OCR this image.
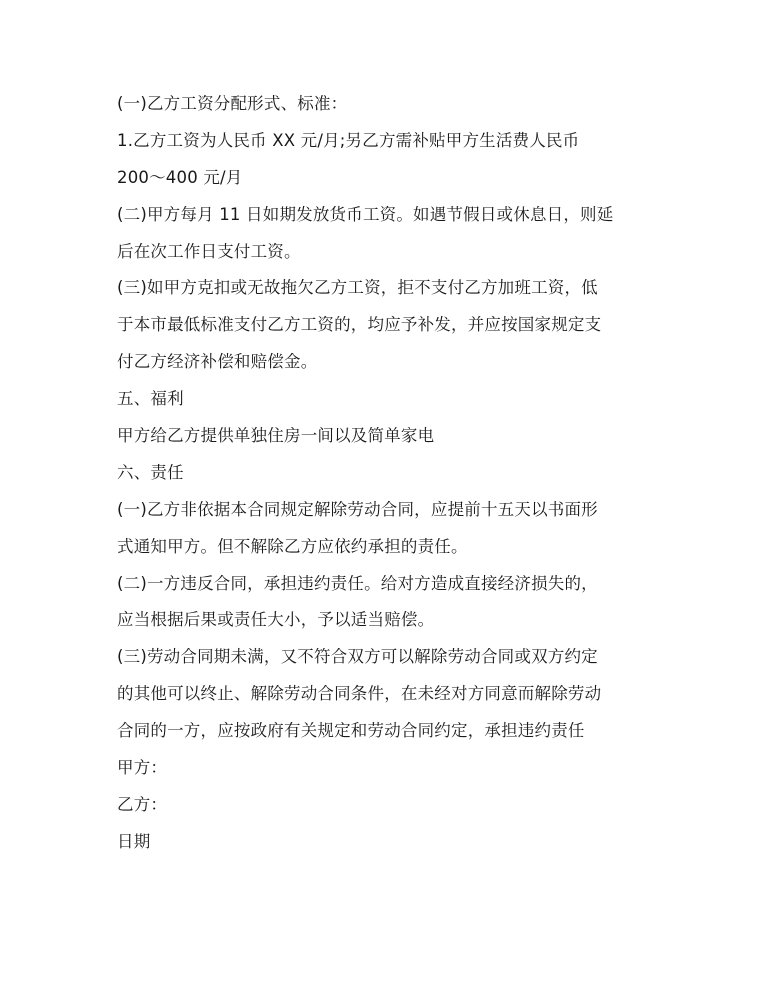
(一)乙方工资分配形式、标准：
1.乙方工资为人民币 XX 元/月;另乙方需补贴甲方生活费人民币
200～400 元/月
(二)甲方每月 11 日如期发放货币工资。如遇节假日或休息日，则延
后在次工作日支付工资。
(三)如甲方克扣或无故拖欠乙方工资，拒不支付乙方加班工资，低
于本市最低标准支付乙方工资的，均应予补发，并应按国家规定支
付乙方经济补偿和赔偿金。
五、福利
甲方给乙方提供单独住房一间以及简单家电
六、责任
(一)乙方非依据本合同规定解除劳动合同，应提前十五天以书面形
式通知甲方。但不解除乙方应依约承担的责任。
(二)一方违反合同，承担违约责任。给对方造成直接经济损失的，
应当根据后果或责任大小，予以适当赔偿。
(三)劳动合同期未满，又不符合双方可以解除劳动合同或双方约定
的其他可以终止、解除劳动合同条件，在未经对方同意而解除劳动
合同的一方，应按政府有关规定和劳动合同约定，承担违约责任
甲方：
乙方：
日期
